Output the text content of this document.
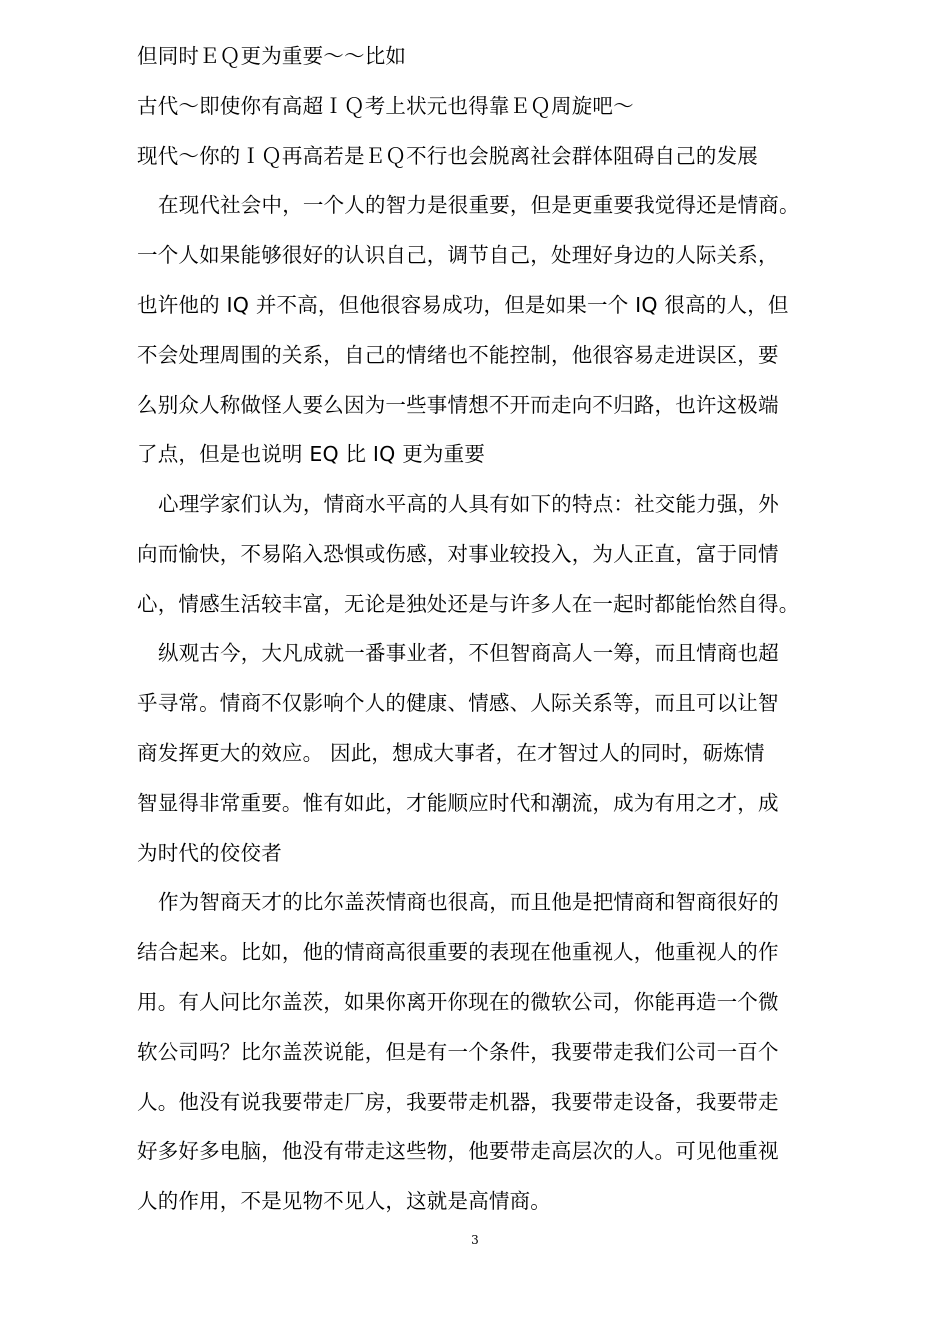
但同时ＥＱ更为重要～～比如
古代～即使你有高超ＩＱ考上状元也得靠ＥＱ周旋吧～
现代～你的ＩＱ再高若是ＥＱ不行也会脱离社会群体阻碍自己的发展
在现代社会中，一个人的智力是很重要，但是更重要我觉得还是情商。
一个人如果能够很好的认识自己，调节自己，处理好身边的人际关系，
也许他的 IQ 并不高，但他很容易成功，但是如果一个 IQ 很高的人，但
不会处理周围的关系，自己的情绪也不能控制，他很容易走进误区，要
么别众人称做怪人要么因为一些事情想不开而走向不归路，也许这极端
了点，但是也说明 EQ 比 IQ 更为重要
心理学家们认为，情商水平高的人具有如下的特点：社交能力强，外
向而愉快，不易陷入恐惧或伤感，对事业较投入，为人正直，富于同情
心，情感生活较丰富，无论是独处还是与许多人在一起时都能怡然自得。
纵观古今，大凡成就一番事业者，不但智商高人一筹，而且情商也超
乎寻常。情商不仅影响个人的健康、情感、人际关系等，而且可以让智
商发挥更大的效应。 因此，想成大事者，在才智过人的同时，砺炼情
智显得非常重要。惟有如此，才能顺应时代和潮流，成为有用之才，成
为时代的佼佼者
作为智商天才的比尔盖茨情商也很高，而且他是把情商和智商很好的
结合起来。比如，他的情商高很重要的表现在他重视人，他重视人的作
用。有人问比尔盖茨，如果你离开你现在的微软公司，你能再造一个微
软公司吗？比尔盖茨说能，但是有一个条件，我要带走我们公司一百个
人。他没有说我要带走厂房，我要带走机器，我要带走设备，我要带走
好多好多电脑，他没有带走这些物，他要带走高层次的人。可见他重视
人的作用，不是见物不见人，这就是高情商。
3
